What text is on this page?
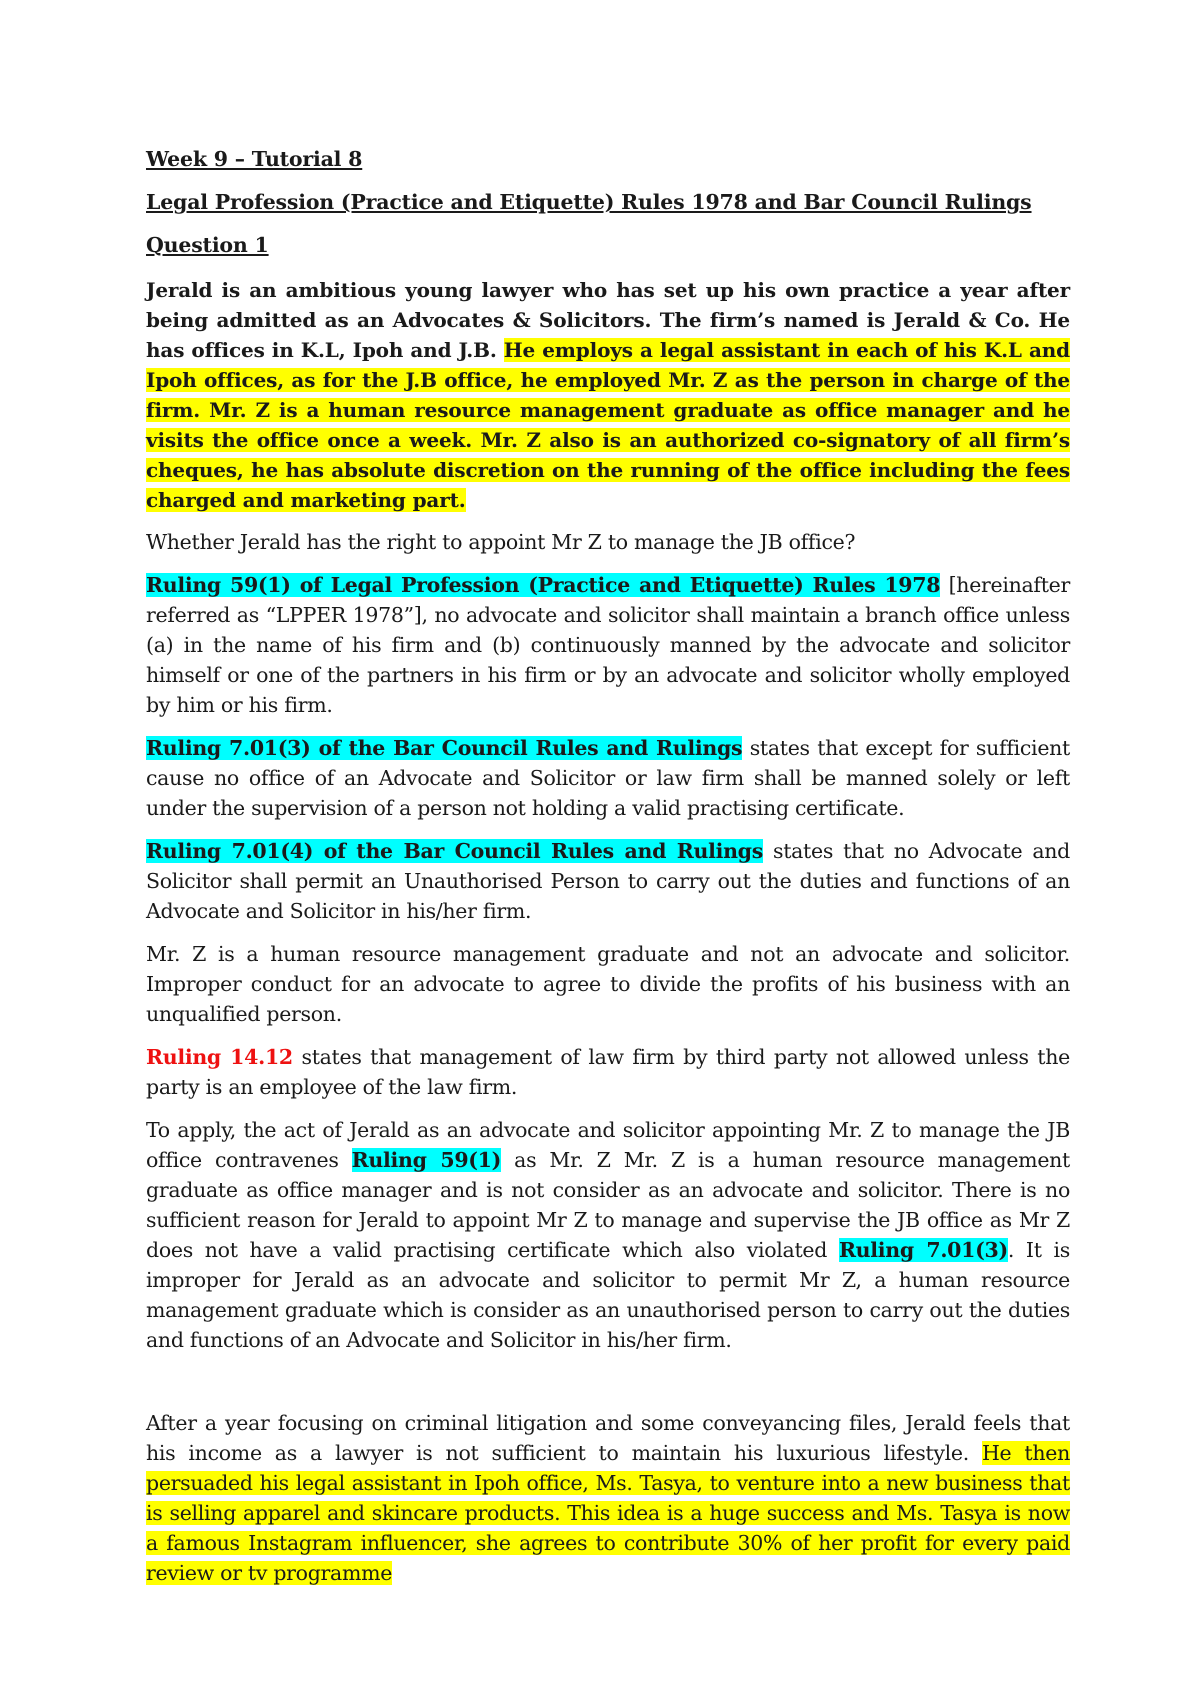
Week 9 – Tutorial 8

Legal Profession (Practice and Etiquette) Rules 1978 and Bar Council Rulings

Question 1

Jerald is an ambitious young lawyer who has set up his own practice a year after being admitted as an Advocates & Solicitors. The firm’s named is Jerald & Co. He has offices in K.L, Ipoh and J.B. He employs a legal assistant in each of his K.L and Ipoh offices, as for the J.B office, he employed Mr. Z as the person in charge of the firm. Mr. Z is a human resource management graduate as office manager and he visits the office once a week. Mr. Z also is an authorized co-signatory of all firm’s cheques, he has absolute discretion on the running of the office including the fees charged and marketing part.

Whether Jerald has the right to appoint Mr Z to manage the JB office?

Ruling 59(1) of Legal Profession (Practice and Etiquette) Rules 1978 [hereinafter referred as “LPPER 1978”], no advocate and solicitor shall maintain a branch office unless (a) in the name of his firm and (b) continuously manned by the advocate and solicitor himself or one of the partners in his firm or by an advocate and solicitor wholly employed by him or his firm.

Ruling 7.01(3) of the Bar Council Rules and Rulings states that except for sufficient cause no office of an Advocate and Solicitor or law firm shall be manned solely or left under the supervision of a person not holding a valid practising certificate.

Ruling 7.01(4) of the Bar Council Rules and Rulings states that no Advocate and Solicitor shall permit an Unauthorised Person to carry out the duties and functions of an Advocate and Solicitor in his/her firm.

Mr. Z is a human resource management graduate and not an advocate and solicitor. Improper conduct for an advocate to agree to divide the profits of his business with an unqualified person.

Ruling 14.12 states that management of law firm by third party not allowed unless the party is an employee of the law firm.

To apply, the act of Jerald as an advocate and solicitor appointing Mr. Z to manage the JB office contravenes Ruling 59(1) as Mr. Z Mr. Z is a human resource management graduate as office manager and is not consider as an advocate and solicitor. There is no sufficient reason for Jerald to appoint Mr Z to manage and supervise the JB office as Mr Z does not have a valid practising certificate which also violated Ruling 7.01(3). It is improper for Jerald as an advocate and solicitor to permit Mr Z, a human resource management graduate which is consider as an unauthorised person to carry out the duties and functions of an Advocate and Solicitor in his/her firm.

After a year focusing on criminal litigation and some conveyancing files, Jerald feels that his income as a lawyer is not sufficient to maintain his luxurious lifestyle. He then persuaded his legal assistant in Ipoh office, Ms. Tasya, to venture into a new business that is selling apparel and skincare products. This idea is a huge success and Ms. Tasya is now a famous Instagram influencer, she agrees to contribute 30% of her profit for every paid review or tv programme
